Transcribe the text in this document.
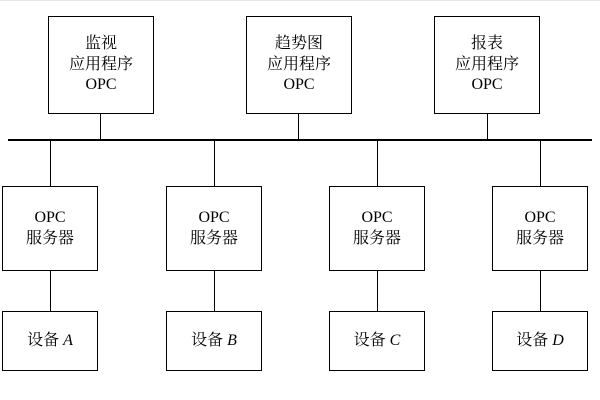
监视
应用程序
OPC
趋势图
应用程序
OPC
报表
应用程序
OPC
OPC
服务器
OPC
服务器
OPC
服务器
OPC
服务器
设备 A	设备 B	设备 C	设备 D
